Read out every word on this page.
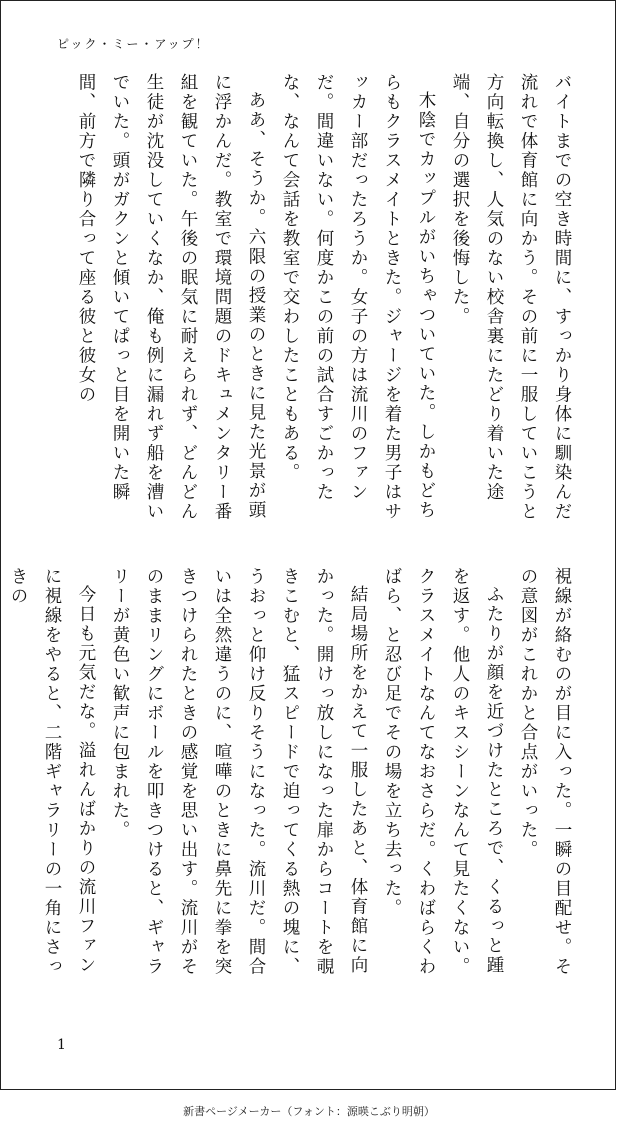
ピック・ミー・アップ！

バイトまでの空き時間に、すっかり身体に馴染んだ流れで体育館に向かう。その前に一服していこうと方向転換し、人気のない校舎裏にたどり着いた途端、自分の選択を後悔した。

木陰でカップルがいちゃついていた。しかもどちらもクラスメイトときた。ジャージを着た男子はサッカー部だったろうか。女子の方は流川のファンだ。間違いない。何度かこの前の試合すごかったな、なんて会話を教室で交わしたこともある。

ああ、そうか。六限の授業のときに見た光景が頭に浮かんだ。教室で環境問題のドキュメンタリー番組を観ていた。午後の眠気に耐えられず、どんどん生徒が沈没していくなか、俺も例に漏れず船を漕いでいた。頭がガクンと傾いてぱっと目を開いた瞬間、前方で隣り合って座る彼と彼女の

視線が絡むのが目に入った。一瞬の目配せ。その意図がこれかと合点がいった。

ふたりが顔を近づけたところで、くるっと踵を返す。他人のキスシーンなんて見たくない。クラスメイトなんてなおさらだ。くわばらくわばら、と忍び足でその場を立ち去った。

結局場所をかえて一服したあと、体育館に向かった。開けっ放しになった扉からコートを覗きこむと、猛スピードで迫ってくる熱の塊に、うおっと仰け反りそうになった。流川だ。間合いは全然違うのに、喧嘩のときに鼻先に拳を突きつけられたときの感覚を思い出す。流川がそのままリングにボールを叩きつけると、ギャラリーが黄色い歓声に包まれた。

今日も元気だな。溢れんばかりの流川ファンに視線をやると、二階ギャラリーの一角にさっきの

1
新書ページメーカー（フォント：源暎こぶり明朝）
